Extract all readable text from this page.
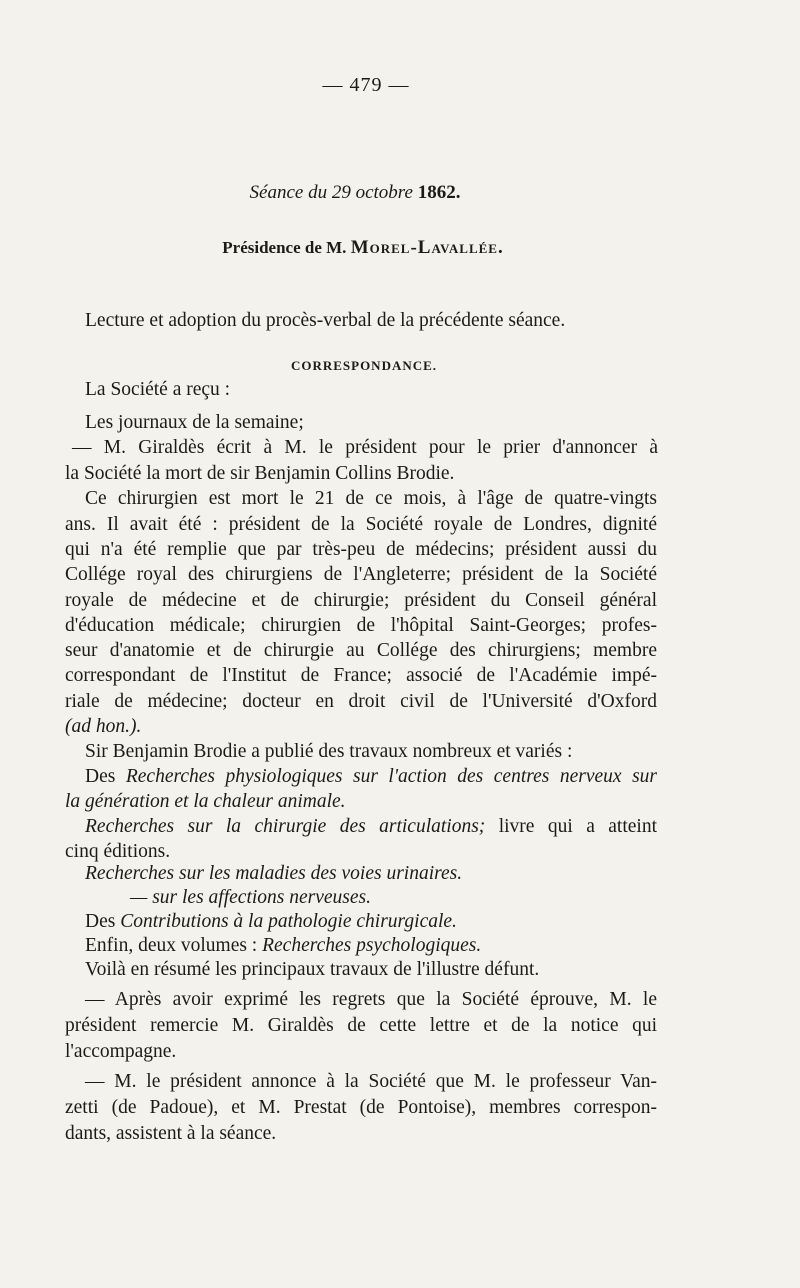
— 479 —
Séance du 29 octobre 1862.
Présidence de M. Morel-Lavallée.
Lecture et adoption du procès-verbal de la précédente séance.
CORRESPONDANCE.
La Société a reçu :
Les journaux de la semaine;
— M. Giraldès écrit à M. le président pour le prier d'annoncer à
la Société la mort de sir Benjamin Collins Brodie.
Ce chirurgien est mort le 21 de ce mois, à l'âge de quatre-vingts
ans. Il avait été : président de la Société royale de Londres, dignité
qui n'a été remplie que par très-peu de médecins; président aussi du
Collége royal des chirurgiens de l'Angleterre; président de la Société
royale de médecine et de chirurgie; président du Conseil général
d'éducation médicale; chirurgien de l'hôpital Saint-Georges; profes-
seur d'anatomie et de chirurgie au Collége des chirurgiens; membre
correspondant de l'Institut de France; associé de l'Académie impé-
riale de médecine; docteur en droit civil de l'Université d'Oxford
(ad hon.).
Sir Benjamin Brodie a publié des travaux nombreux et variés :
Des Recherches physiologiques sur l'action des centres nerveux sur
la génération et la chaleur animale.
Recherches sur la chirurgie des articulations; livre qui a atteint
cinq éditions.
Recherches sur les maladies des voies urinaires.
— sur les affections nerveuses.
Des Contributions à la pathologie chirurgicale.
Enfin, deux volumes : Recherches psychologiques.
Voilà en résumé les principaux travaux de l'illustre défunt.
— Après avoir exprimé les regrets que la Société éprouve, M. le
président remercie M. Giraldès de cette lettre et de la notice qui
l'accompagne.
— M. le président annonce à la Société que M. le professeur Van-
zetti (de Padoue), et M. Prestat (de Pontoise), membres correspon-
dants, assistent à la séance.
